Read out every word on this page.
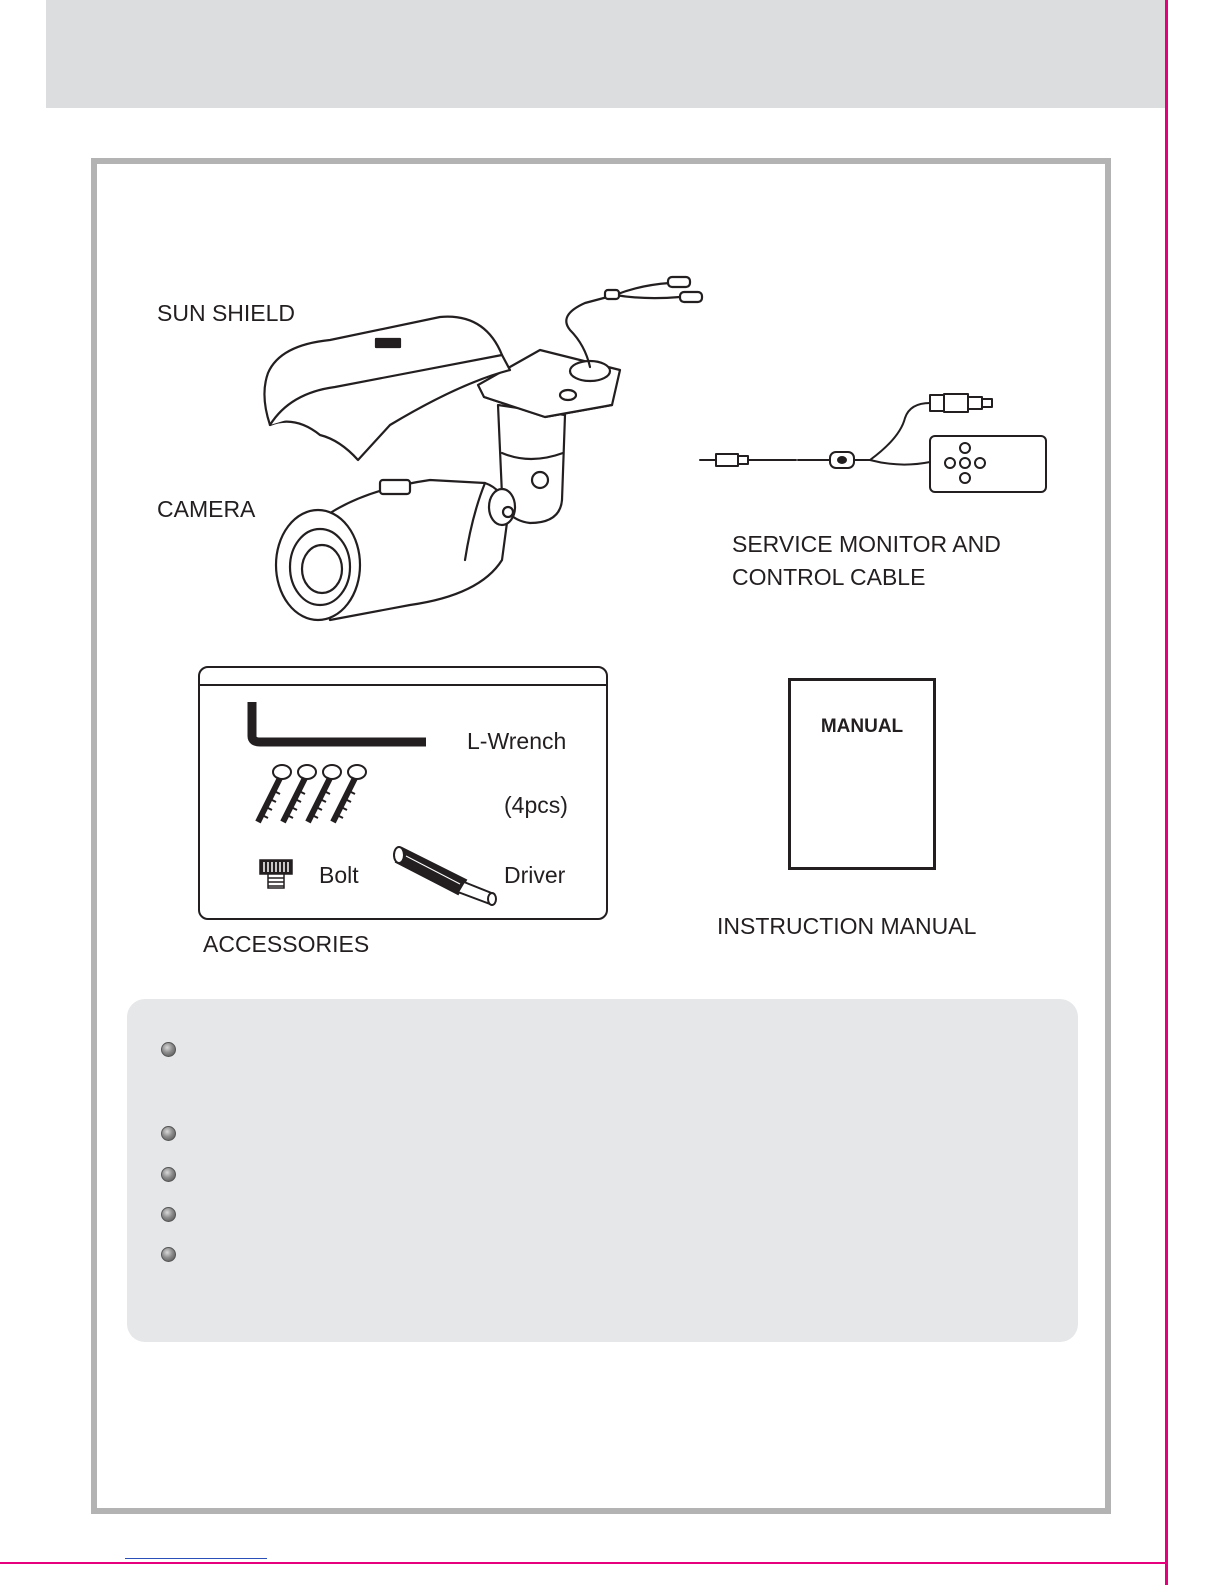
SUN SHIELD
CAMERA
SERVICE MONITOR AND
CONTROL CABLE
L-Wrench
(4pcs)
Bolt	Driver
ACCESSORIES
MANUAL
INSTRUCTION MANUAL
